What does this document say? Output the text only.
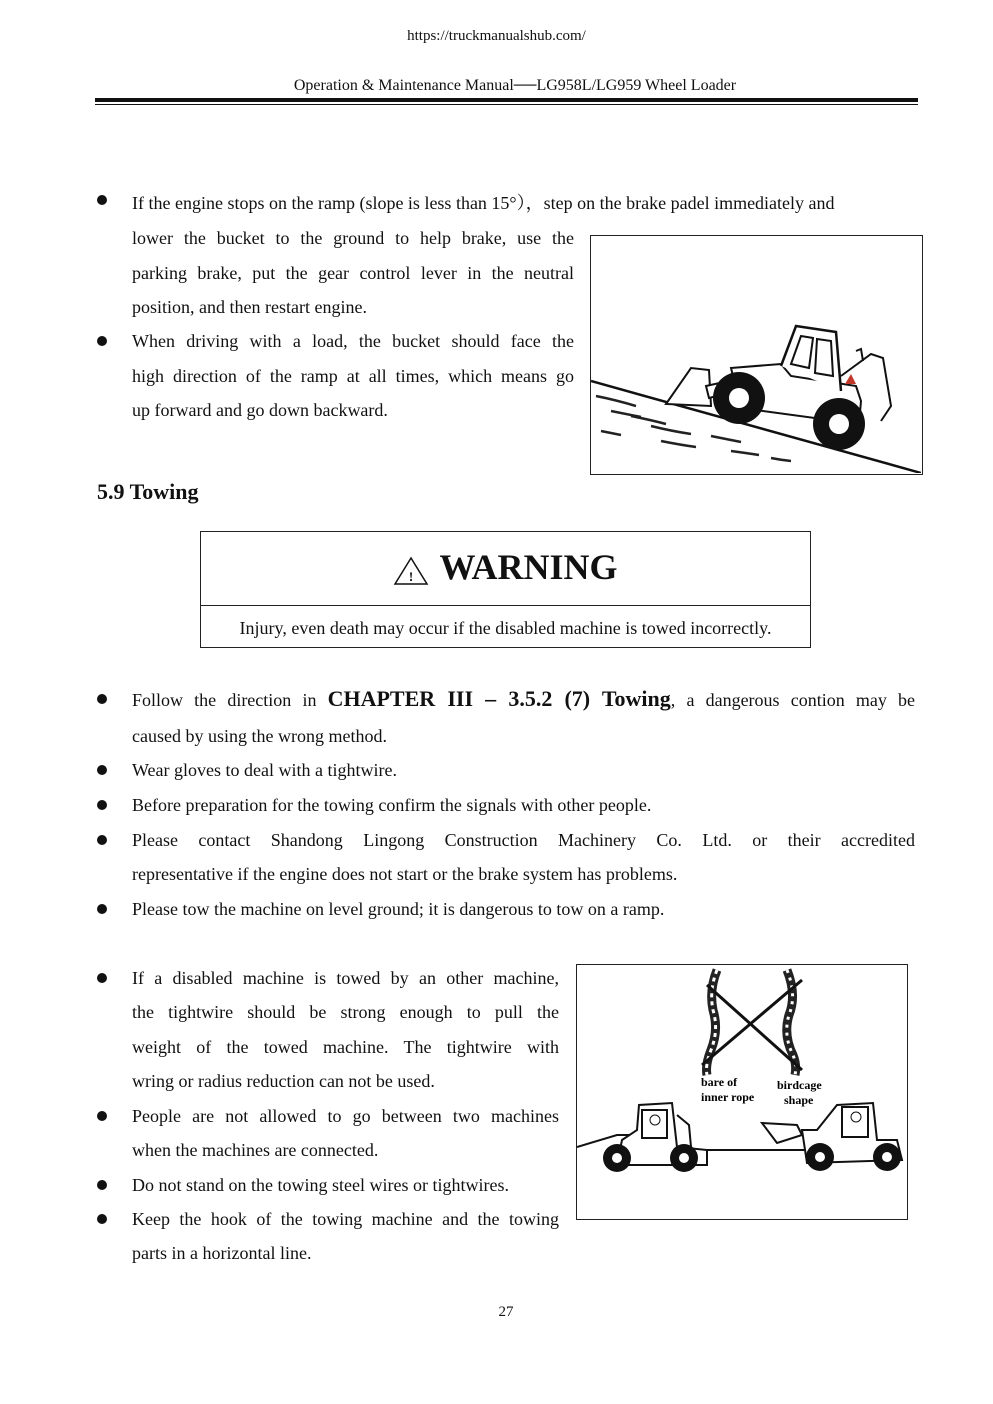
https://truckmanualshub.com/
Operation & Maintenance Manual──LG958L/LG959 Wheel Loader
If the engine stops on the ramp (slope is less than 15°），step on the brake padel immediately and
lower the bucket to the ground to help brake, use the
parking brake, put the gear control lever in the neutral
position, and then restart engine.
When driving with a load, the bucket should face the
high direction of the ramp at all times, which means go
up forward and go down backward.
5.9 Towing
! WARNING
Injury, even death may occur if the disabled machine is towed incorrectly.
Follow the direction in CHAPTER III – 3.5.2 (7) Towing, a dangerous contion may be
caused by using the wrong method.
Wear gloves to deal with a tightwire.
Before preparation for the towing confirm the signals with other people.
Please contact Shandong Lingong Construction Machinery Co. Ltd. or their accredited
representative if the engine does not start or the brake system has problems.
Please tow the machine on level ground; it is dangerous to tow on a ramp.
If a disabled machine is towed by an other machine,
the tightwire should be strong enough to pull the
weight of the towed machine. The tightwire with
wring or radius reduction can not be used.
People are not allowed to go between two machines
when the machines are connected.
Do not stand on the towing steel wires or tightwires.
Keep the hook of the towing machine and the towing
parts in a horizontal line.
bare of
inner rope
birdcage
shape
27
